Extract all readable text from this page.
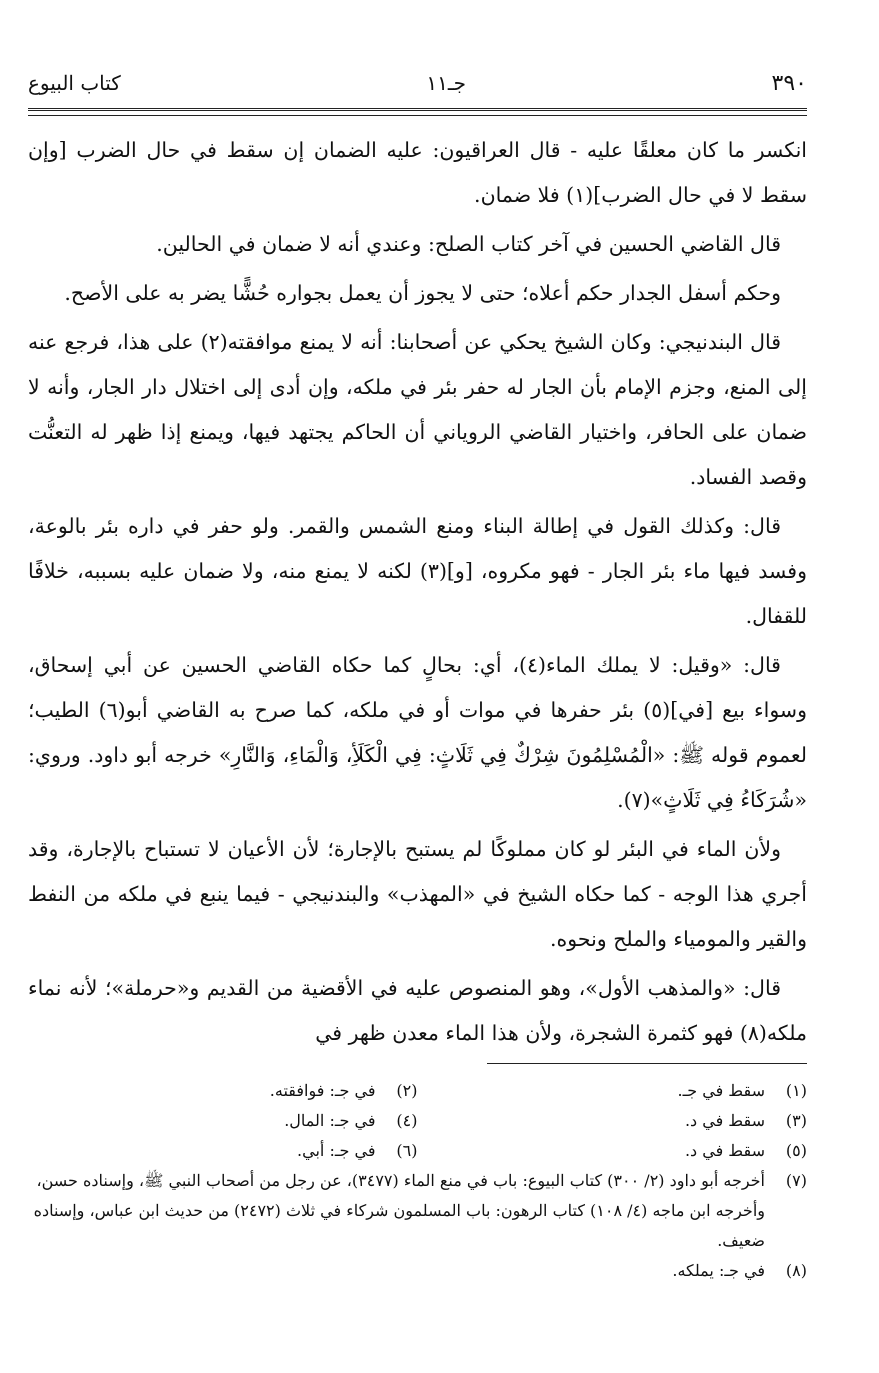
٣٩٠
جـ١١
كتاب البيوع

انكسر ما كان معلقًا عليه - قال العراقيون: عليه الضمان إن سقط في حال الضرب [وإن سقط لا في حال الضرب](١) فلا ضمان.

قال القاضي الحسين في آخر كتاب الصلح: وعندي أنه لا ضمان في الحالين.

وحكم أسفل الجدار حكم أعلاه؛ حتى لا يجوز أن يعمل بجواره حُشًّا يضر به على الأصح.

قال البندنيجي: وكان الشيخ يحكي عن أصحابنا: أنه لا يمنع موافقته(٢) على هذا، فرجع عنه إلى المنع، وجزم الإمام بأن الجار له حفر بئر في ملكه، وإن أدى إلى اختلال دار الجار، وأنه لا ضمان على الحافر، واختيار القاضي الروياني أن الحاكم يجتهد فيها، ويمنع إذا ظهر له التعنُّت وقصد الفساد.

قال: وكذلك القول في إطالة البناء ومنع الشمس والقمر. ولو حفر في داره بئر بالوعة، وفسد فيها ماء بئر الجار - فهو مكروه، [و](٣) لكنه لا يمنع منه، ولا ضمان عليه بسببه، خلافًا للقفال.

قال: «وقيل: لا يملك الماء(٤)، أي: بحالٍ كما حكاه القاضي الحسين عن أبي إسحاق، وسواء بيع [في](٥) بئر حفرها في موات أو في ملكه، كما صرح به القاضي أبو(٦) الطيب؛ لعموم قوله ﷺ: «الْمُسْلِمُونَ شِرْكٌ فِي ثَلَاثٍ: فِي الْكَلَأِ، وَالْمَاءِ، وَالنَّارِ» خرجه أبو داود. وروي: «شُرَكَاءُ فِي ثَلَاثٍ»(٧).

ولأن الماء في البئر لو كان مملوكًا لم يستبح بالإجارة؛ لأن الأعيان لا تستباح بالإجارة، وقد أجري هذا الوجه - كما حكاه الشيخ في «المهذب» والبندنيجي - فيما ينبع في ملكه من النفط والقير والمومياء والملح ونحوه.

قال: «والمذهب الأول»، وهو المنصوص عليه في الأقضية من القديم و«حرملة»؛ لأنه نماء ملكه(٨) فهو كثمرة الشجرة، ولأن هذا الماء معدن ظهر في

(١)
سقط في جـ.
(٢)
في جـ: فوافقته.
(٣)
سقط في د.
(٤)
في جـ: المال.
(٥)
سقط في د.
(٦)
في جـ: أبي.
(٧)
أخرجه أبو داود (٢/ ٣٠٠) كتاب البيوع: باب في منع الماء (٣٤٧٧)، عن رجل من أصحاب النبي ﷺ، وإسناده حسن، وأخرجه ابن ماجه (٤/ ١٠٨) كتاب الرهون: باب المسلمون شركاء في ثلاث (٢٤٧٢) من حديث ابن عباس، وإسناده ضعيف.
(٨)
في جـ: يملكه.
